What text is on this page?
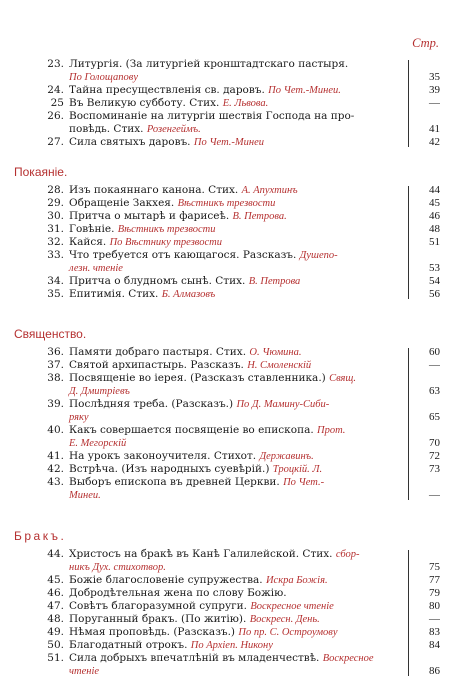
Стр.
23. Литургія. (За литургіей кронштадтскаго пастыря.
По Голощапову	35
24. Тайна пресуществленія св. даровъ. По Чет.-Минеи.	39
25 Въ Великую субботу. Стих. Е. Львова.	—
26. Воспоминаніе на литургіи шествія Господа на про-
повѣдь. Стих. Розенгеймъ.	41
27. Сила святыхъ даровъ. По Чет.-Минеи	42
Покаяніе.
28. Изъ покаяннаго канона. Стих. А. Апухтинъ	44
29. Обращеніе Закхея. Вѣстникъ трезвости	45
30. Притча о мытарѣ и фарисеѣ. В. Петрова.	46
31. Говѣніе. Вѣстникъ трезвости	48
32. Кайся. По Вѣстнику трезвости	51
33. Что требуется отъ кающагося. Разсказъ. Душепо-
лезн. чтеніе	53
34. Притча о блудномъ сынѣ. Стих. В. Петрова	54
35. Епитимія. Стих. Б. Алмазовъ	56
Священство.
36. Памяти добраго пастыря. Стих. О. Чюмина.	60
37. Святой архипастырь. Разсказъ. Н. Смоленскій	—
38. Посвященіе во iерея. (Разсказъ ставленника.) Свящ.
Д. Дмитріевъ	63
39. Послѣдняя треба. (Разсказъ.) По Д. Мамину-Сиби-
ряку	65
40. Какъ совершается посвященіе во епископа. Прот.
Е. Мегорскій	70
41. На урокъ законоучителя. Стихот. Державинъ.	72
42. Встрѣча. (Изъ народныхъ суевѣрій.) Троцкій. Л.	73
43. Выборъ епископа въ древней Церкви. По Чет.-
Минеи.	—
Бракъ.
44. Христосъ на бракѣ въ Канѣ Галилейской. Стих. сбор-
никъ Дух. стихотвор.	75
45. Божіе благословеніе супружества. Искра Божія.	77
46. Добродѣтельная жена по слову Божію.	79
47. Совѣтъ благоразумной супруги. Воскресное чтеніе	80
48. Поруганный бракъ. (По житію). Воскресн. День.	—
49. Нѣмая проповѣдь. (Разсказъ.) По пр. С. Остроумову	83
50. Благодатный отрокъ. По Архіеп. Никону	84
51. Сила добрыхъ впечатлѣній въ младенчествѣ. Воскресное
чтеніе	86
